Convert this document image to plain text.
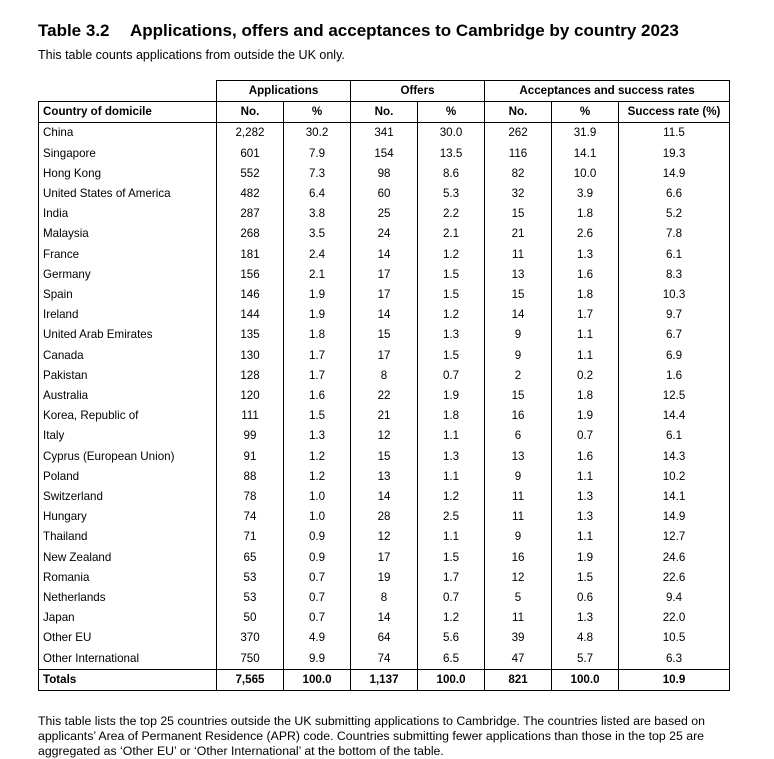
Table 3.2	Applications, offers and acceptances to Cambridge by country 2023
This table counts applications from outside the UK only.
	Applications		Offers		Acceptances and success rates		
Country of domicile	No.	%	No.	%	No.	%	Success rate (%)
China	2,282	30.2	341	30.0	262	31.9	11.5
Singapore	601	7.9	154	13.5	116	14.1	19.3
Hong Kong	552	7.3	98	8.6	82	10.0	14.9
United States of America	482	6.4	60	5.3	32	3.9	6.6
India	287	3.8	25	2.2	15	1.8	5.2
Malaysia	268	3.5	24	2.1	21	2.6	7.8
France	181	2.4	14	1.2	11	1.3	6.1
Germany	156	2.1	17	1.5	13	1.6	8.3
Spain	146	1.9	17	1.5	15	1.8	10.3
Ireland	144	1.9	14	1.2	14	1.7	9.7
United Arab Emirates	135	1.8	15	1.3	9	1.1	6.7
Canada	130	1.7	17	1.5	9	1.1	6.9
Pakistan	128	1.7	8	0.7	2	0.2	1.6
Australia	120	1.6	22	1.9	15	1.8	12.5
Korea, Republic of	111	1.5	21	1.8	16	1.9	14.4
Italy	99	1.3	12	1.1	6	0.7	6.1
Cyprus (European Union)	91	1.2	15	1.3	13	1.6	14.3
Poland	88	1.2	13	1.1	9	1.1	10.2
Switzerland	78	1.0	14	1.2	11	1.3	14.1
Hungary	74	1.0	28	2.5	11	1.3	14.9
Thailand	71	0.9	12	1.1	9	1.1	12.7
New Zealand	65	0.9	17	1.5	16	1.9	24.6
Romania	53	0.7	19	1.7	12	1.5	22.6
Netherlands	53	0.7	8	0.7	5	0.6	9.4
Japan	50	0.7	14	1.2	11	1.3	22.0
Other EU	370	4.9	64	5.6	39	4.8	10.5
Other International	750	9.9	74	6.5	47	5.7	6.3
Totals	7,565	100.0	1,137	100.0	821	100.0	10.9
This table lists the top 25 countries outside the UK submitting applications to Cambridge. The countries listed are based on applicants’ Area of Permanent Residence (APR) code. Countries submitting fewer applications than those in the top 25 are aggregated as ‘Other EU’ or ‘Other International’ at the bottom of the table.
